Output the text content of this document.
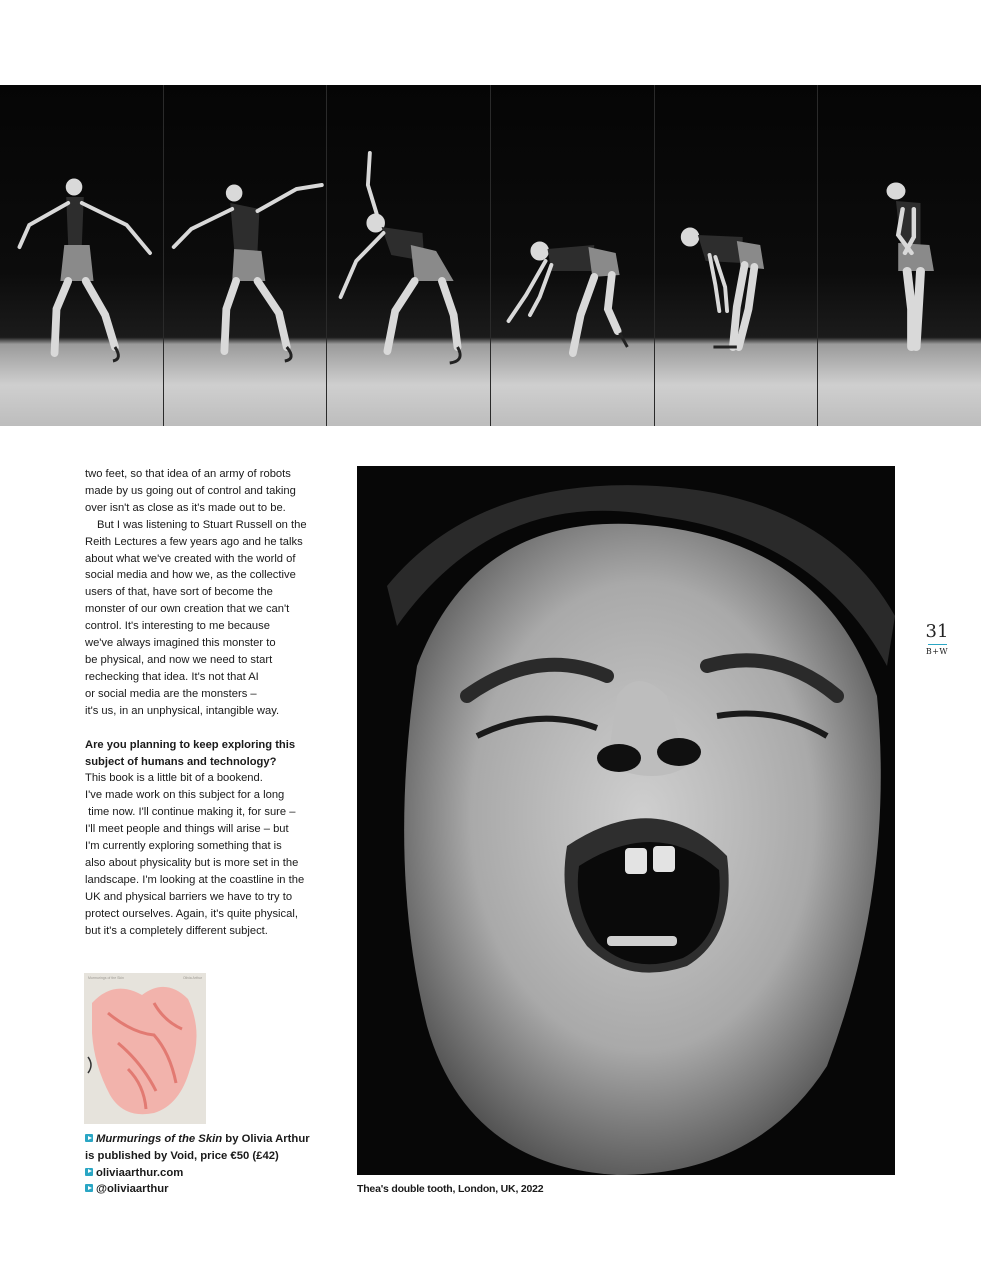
two feet, so that idea of an army of robots
made by us going out of control and taking
over isn't as close as it's made out to be.

But I was listening to Stuart Russell on the
Reith Lectures a few years ago and he talks
about what we've created with the world of
social media and how we, as the collective
users of that, have sort of become the
monster of our own creation that we can't
control. It's interesting to me because
we've always imagined this monster to
be physical, and now we need to start
rechecking that idea. It's not that AI
or social media are the monsters –
it's us, in an unphysical, intangible way.

Are you planning to keep exploring this
subject of humans and technology?

This book is a little bit of a bookend.
I've made work on this subject for a long
time now. I'll continue making it, for sure –
I'll meet people and things will arise – but
I'm currently exploring something that is
also about physicality but is more set in the
landscape. I'm looking at the coastline in the
UK and physical barriers we have to try to
protect ourselves. Again, it's quite physical,
but it's a completely different subject.

Murmurings of the Skin	Olivia Arthur
Murmurings of the Skin by Olivia Arthur
is published by Void, price €50 (£42)
oliviaarthur.com
@oliviaarthur	Thea's double tooth, London, UK, 2022
31
B+W
